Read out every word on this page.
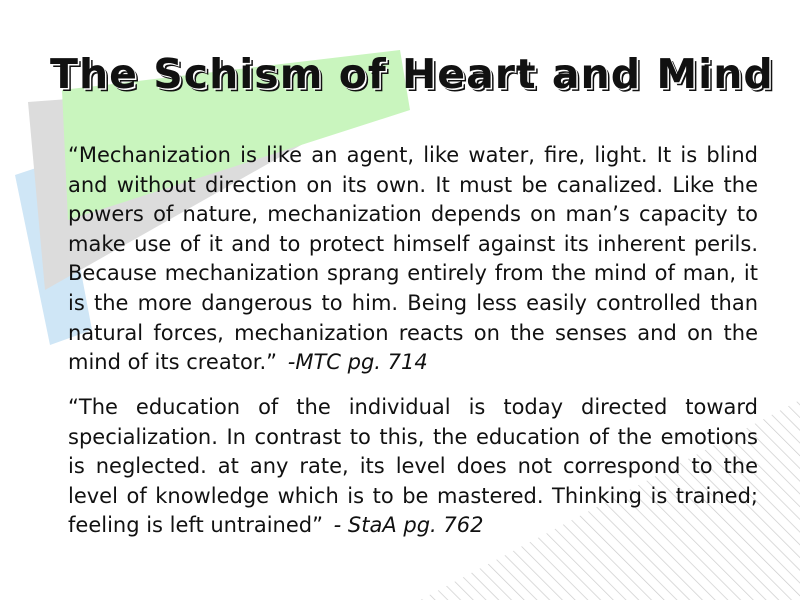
The Schism of Heart and Mind

“Mechanization is like an agent, like water, fire, light. It is blind and without direction on its own. It must be canalized. Like the powers of nature, mechanization depends on man’s capacity to make use of it and to protect himself against its inherent perils. Because mechanization sprang entirely from the mind of man, it is the more dangerous to him. Being less easily controlled than natural forces, mechanization reacts on the senses and on the mind of its creator.” -MTC pg. 714

“The education of the individual is today directed toward specialization. In contrast to this, the education of the emotions is neglected. at any rate, its level does not correspond to the level of knowledge which is to be mastered. Thinking is trained; feeling is left untrained” - StaA pg. 762
